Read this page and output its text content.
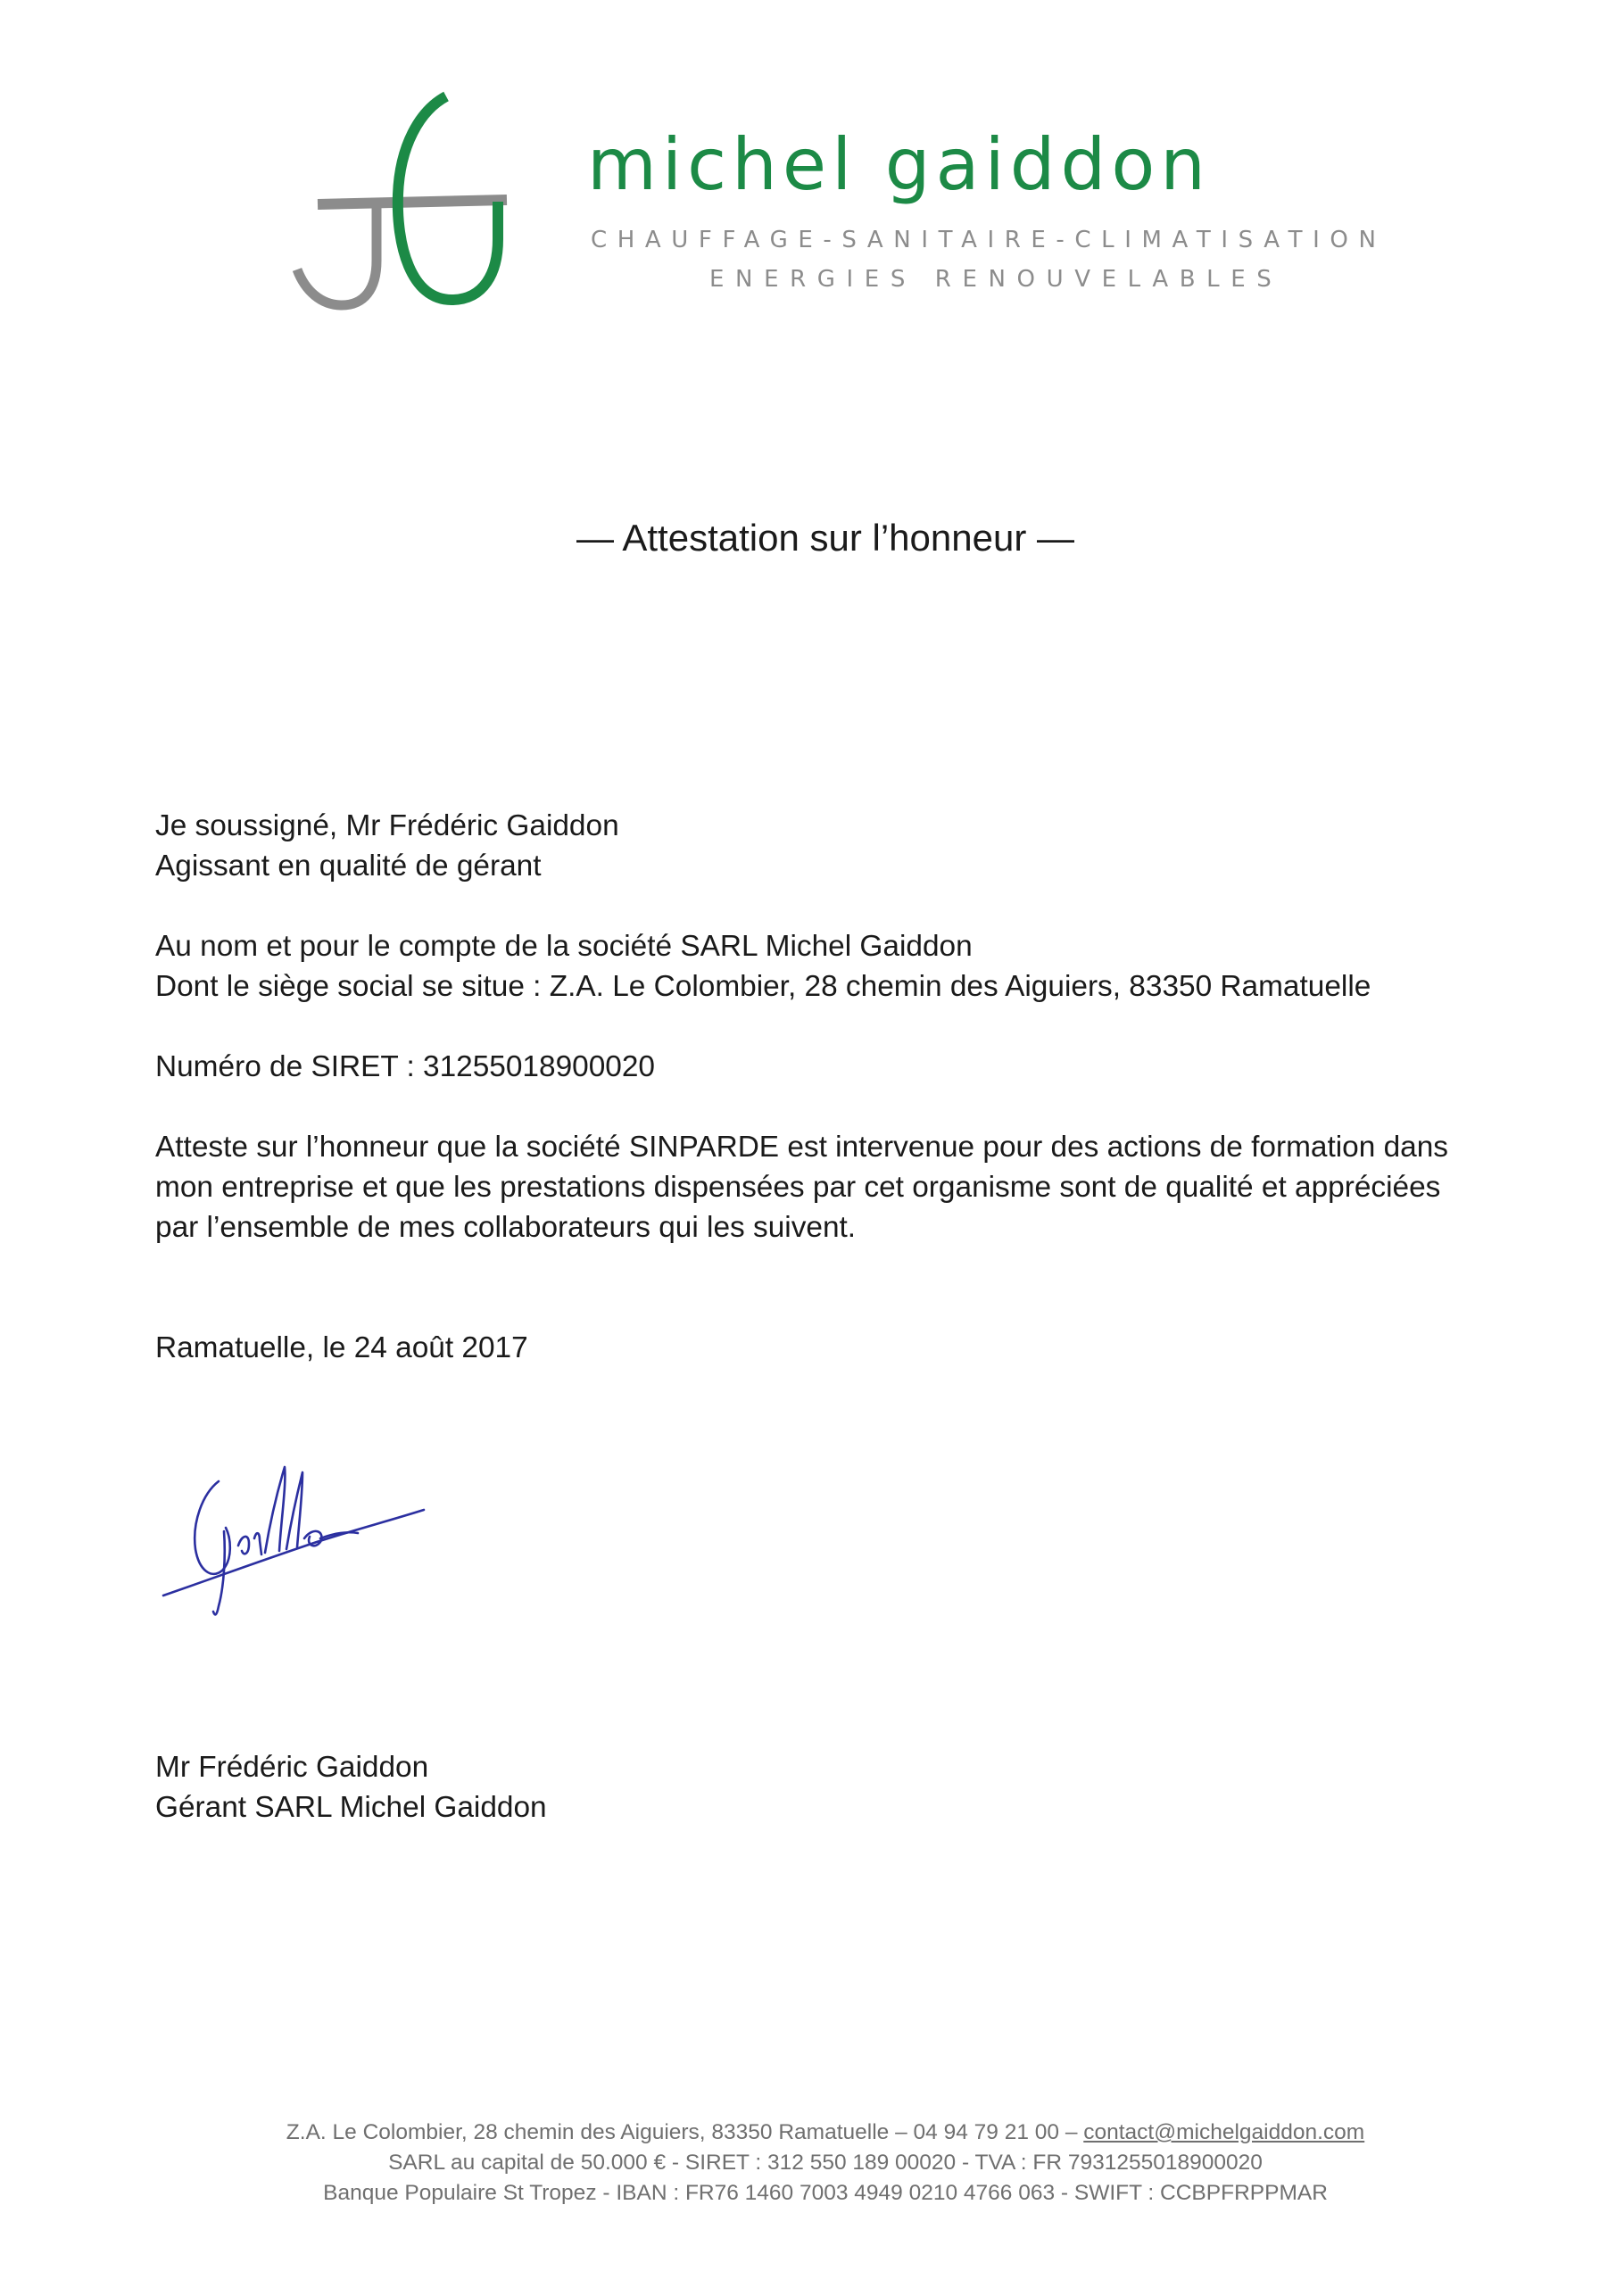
michel gaiddon
CHAUFFAGE-SANITAIRE-CLIMATISATION
ENERGIES RENOUVELABLES
— Attestation sur l’honneur —
Je soussigné, Mr Frédéric Gaiddon
Agissant en qualité de gérant
Au nom et pour le compte de la société SARL Michel Gaiddon
Dont le siège social se situe : Z.A. Le Colombier, 28 chemin des Aiguiers, 83350 Ramatuelle
Numéro de SIRET : 31255018900020
Atteste sur l’honneur que la société SINPARDE est intervenue pour des actions de formation dans
mon entreprise et que les prestations dispensées par cet organisme sont de qualité et appréciées
par l’ensemble de mes collaborateurs qui les suivent.
Ramatuelle, le 24 août 2017
Mr Frédéric Gaiddon
Gérant SARL Michel Gaiddon
Z.A. Le Colombier, 28 chemin des Aiguiers, 83350 Ramatuelle – 04 94 79 21 00 – contact@michelgaiddon.com
SARL au capital de 50.000 € - SIRET : 312 550 189 00020 - TVA : FR 7931255018900020
Banque Populaire St Tropez - IBAN : FR76 1460 7003 4949 0210 4766 063 - SWIFT : CCBPFRPPMAR
